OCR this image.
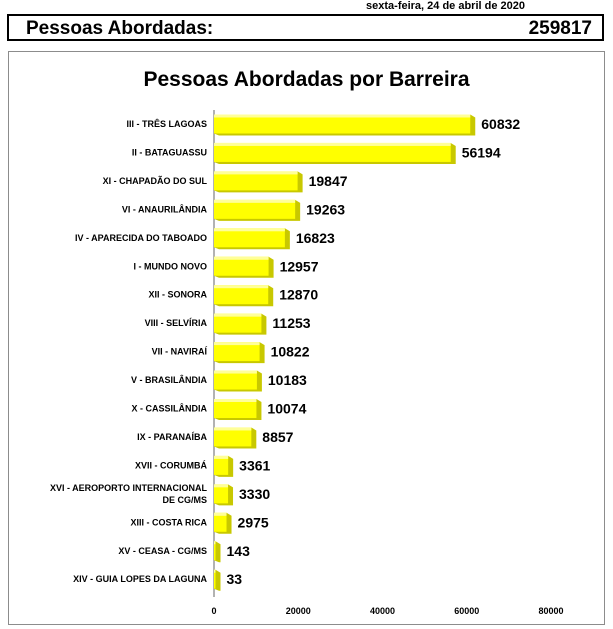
sexta-feira, 24 de abril de 2020
Pessoas Abordadas:	259817
Pessoas Abordadas por Barreira
60832
III - TRÊS LAGOAS
56194
II - BATAGUASSU
19847
XI - CHAPADÃO DO SUL
19263
VI - ANAURILÂNDIA
16823
IV - APARECIDA DO TABOADO
12957
I - MUNDO NOVO
12870
XII - SONORA
11253
VIII - SELVÍRIA
10822
VII - NAVIRAÍ
10183
V - BRASILÂNDIA
10074
X - CASSILÂNDIA
8857
IX - PARANAÍBA
3361
XVII - CORUMBÁ
3330
XVI - AEROPORTO INTERNACIONAL
DE CG/MS
2975
XIII - COSTA RICA
143
XV - CEASA - CG/MS
33
XIV - GUIA LOPES DA LAGUNA
0	20000	40000	60000	80000
